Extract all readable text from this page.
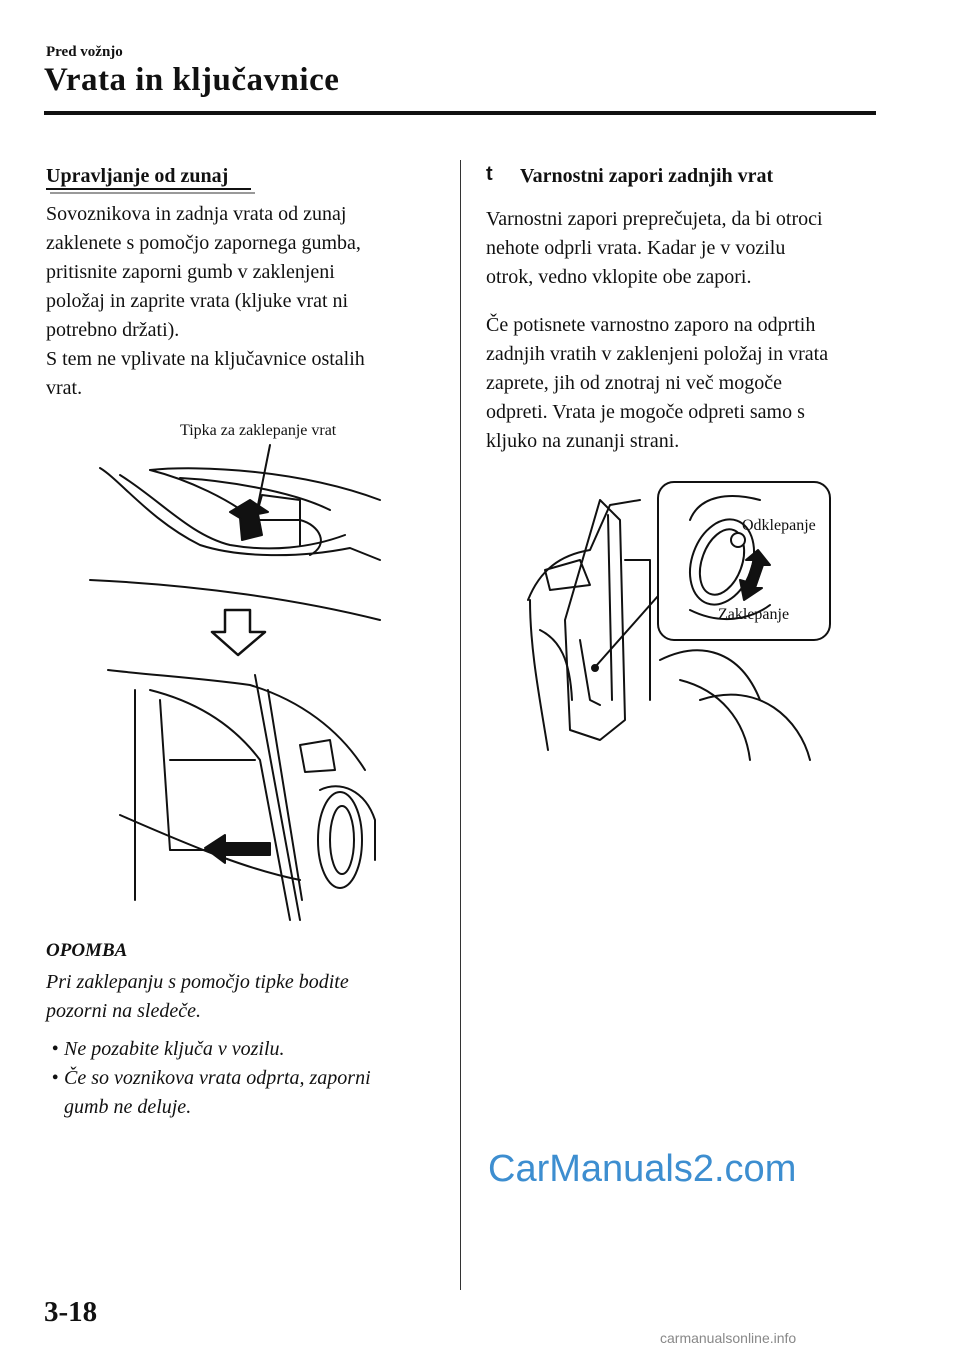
Pred vožnjo
Vrata in ključavnice
Upravljanje od zunaj
Sovoznikova in zadnja vrata od zunaj
zaklenete s pomočjo zapornega gumba,
pritisnite zaporni gumb v zaklenjeni
položaj in zaprite vrata (kljuke vrat ni
potrebno držati).
S tem ne vplivate na ključavnice ostalih
vrat.
Tipka za zaklepanje vrat
OPOMBA
Pri zaklepanju s pomočjo tipke bodite
pozorni na sledeče.
• Ne pozabite ključa v vozilu.
• Če so voznikova vrata odprta, zaporni
gumb ne deluje.
t Varnostni zapori zadnjih vrat
Varnostni zapori preprečujeta, da bi otroci
nehote odprli vrata. Kadar je v vozilu
otrok, vedno vklopite obe zapori.
Če potisnete varnostno zaporo na odprtih
zadnjih vratih v zaklenjeni položaj in vrata
zaprete, jih od znotraj ni več mogoče
odpreti. Vrata je mogoče odpreti samo s
kljuko na zunanji strani.
Odklepanje
Zaklepanje
CarManuals2.com
3-18
carmanualsonline.info
